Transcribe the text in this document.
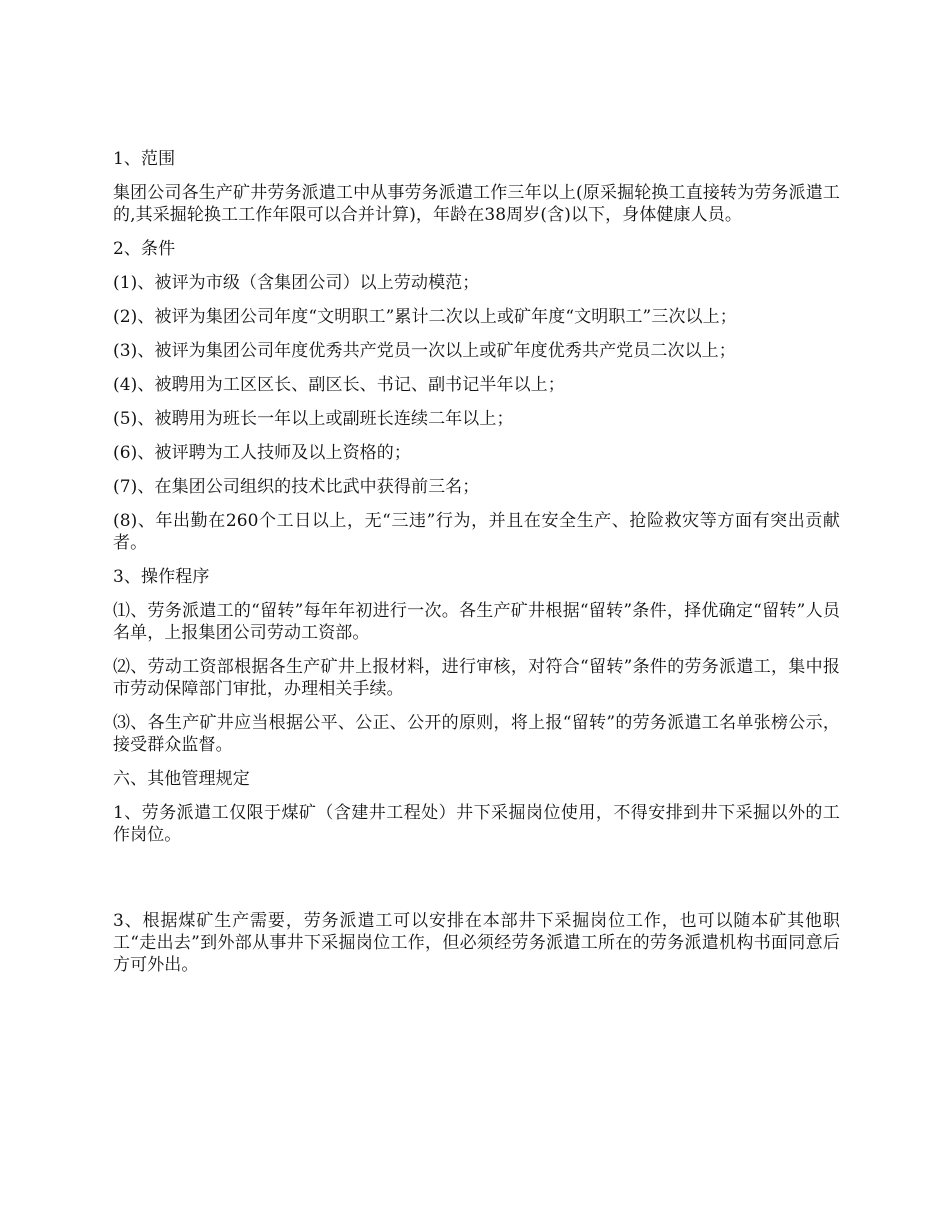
1、范围

集团公司各生产矿井劳务派遣工中从事劳务派遣工作三年以上(原采掘轮换工直接转为劳务派遣工的,其采掘轮换工工作年限可以合并计算)，年龄在38周岁(含)以下，身体健康人员。

2、条件

(1)、被评为市级（含集团公司）以上劳动模范；

(2)、被评为集团公司年度“文明职工”累计二次以上或矿年度“文明职工”三次以上；

(3)、被评为集团公司年度优秀共产党员一次以上或矿年度优秀共产党员二次以上；

(4)、被聘用为工区区长、副区长、书记、副书记半年以上；

(5)、被聘用为班长一年以上或副班长连续二年以上；

(6)、被评聘为工人技师及以上资格的；

(7)、在集团公司组织的技术比武中获得前三名；

(8)、年出勤在260个工日以上，无“三违”行为，并且在安全生产、抢险救灾等方面有突出贡献者。

3、操作程序

⑴、劳务派遣工的“留转”每年年初进行一次。各生产矿井根据“留转”条件，择优确定“留转”人员名单，上报集团公司劳动工资部。

⑵、劳动工资部根据各生产矿井上报材料，进行审核，对符合“留转”条件的劳务派遣工，集中报市劳动保障部门审批，办理相关手续。

⑶、各生产矿井应当根据公平、公正、公开的原则，将上报“留转”的劳务派遣工名单张榜公示，接受群众监督。

六、其他管理规定

1、劳务派遣工仅限于煤矿（含建井工程处）井下采掘岗位使用，不得安排到井下采掘以外的工作岗位。

3、根据煤矿生产需要，劳务派遣工可以安排在本部井下采掘岗位工作，也可以随本矿其他职工“走出去”到外部从事井下采掘岗位工作，但必须经劳务派遣工所在的劳务派遣机构书面同意后方可外出。
